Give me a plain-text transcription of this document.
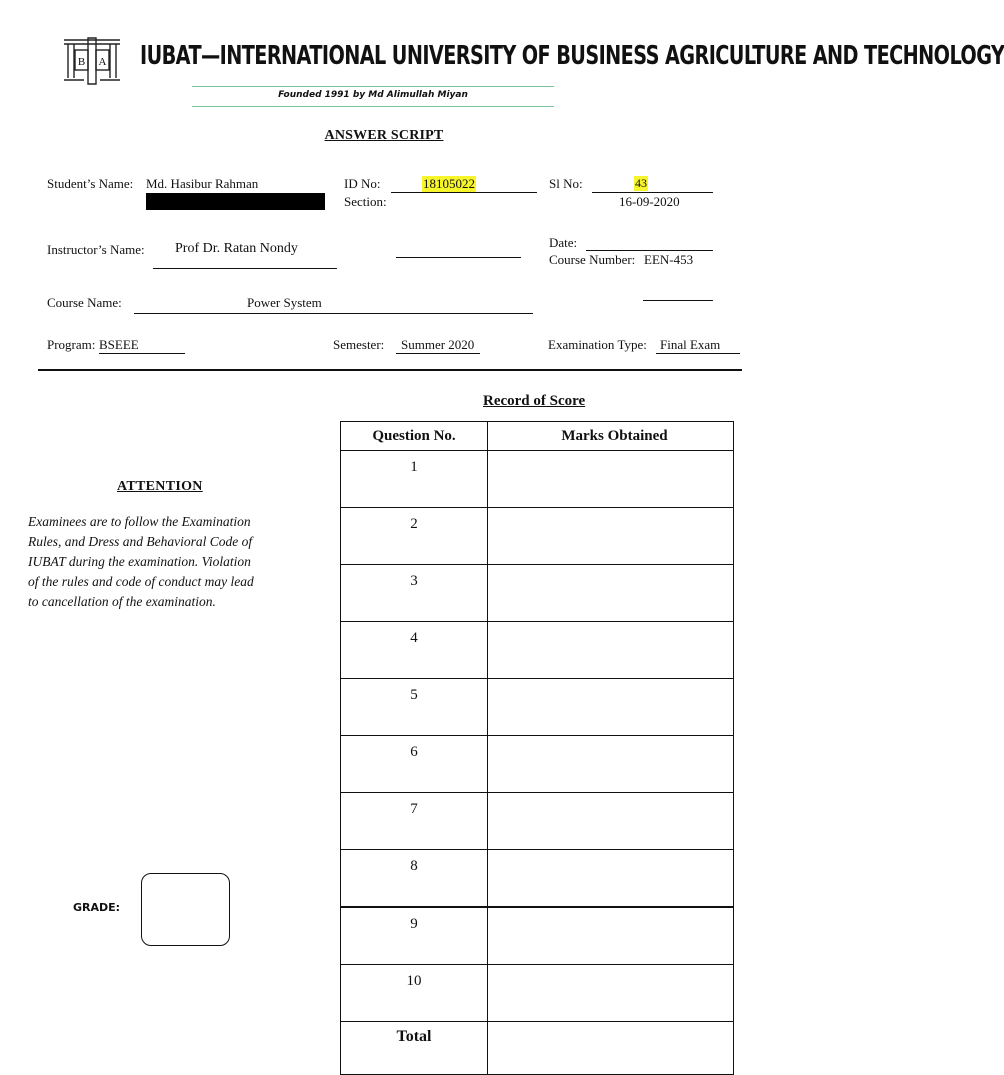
B A IUBAT—INTERNATIONAL UNIVERSITY OF BUSINESS AGRICULTURE AND TECHNOLOGY
Founded 1991 by Md Alimullah Miyan
ANSWER SCRIPT
Student’s Name: Md. Hasibur Rahman	ID No:	18105022
Section:
Sl No:	43
16-09-2020
Instructor’s Name: Prof Dr. Ratan Nondy	Date:
Course Number: EEN-453
Course Name:	Power System
Program: BSEEE	Semester: Summer 2020	Examination Type: Final Exam
ATTENTION
Examinees are to follow the Examination
Rules, and Dress and Behavioral Code of
IUBAT during the examination. Violation
of the rules and code of conduct may lead
to cancellation of the examination.
GRADE:
Record of Score
Question No.	Marks Obtained
1	
2	
3	
4	
5	
6	
7	
8	
9	
10	
Total	
